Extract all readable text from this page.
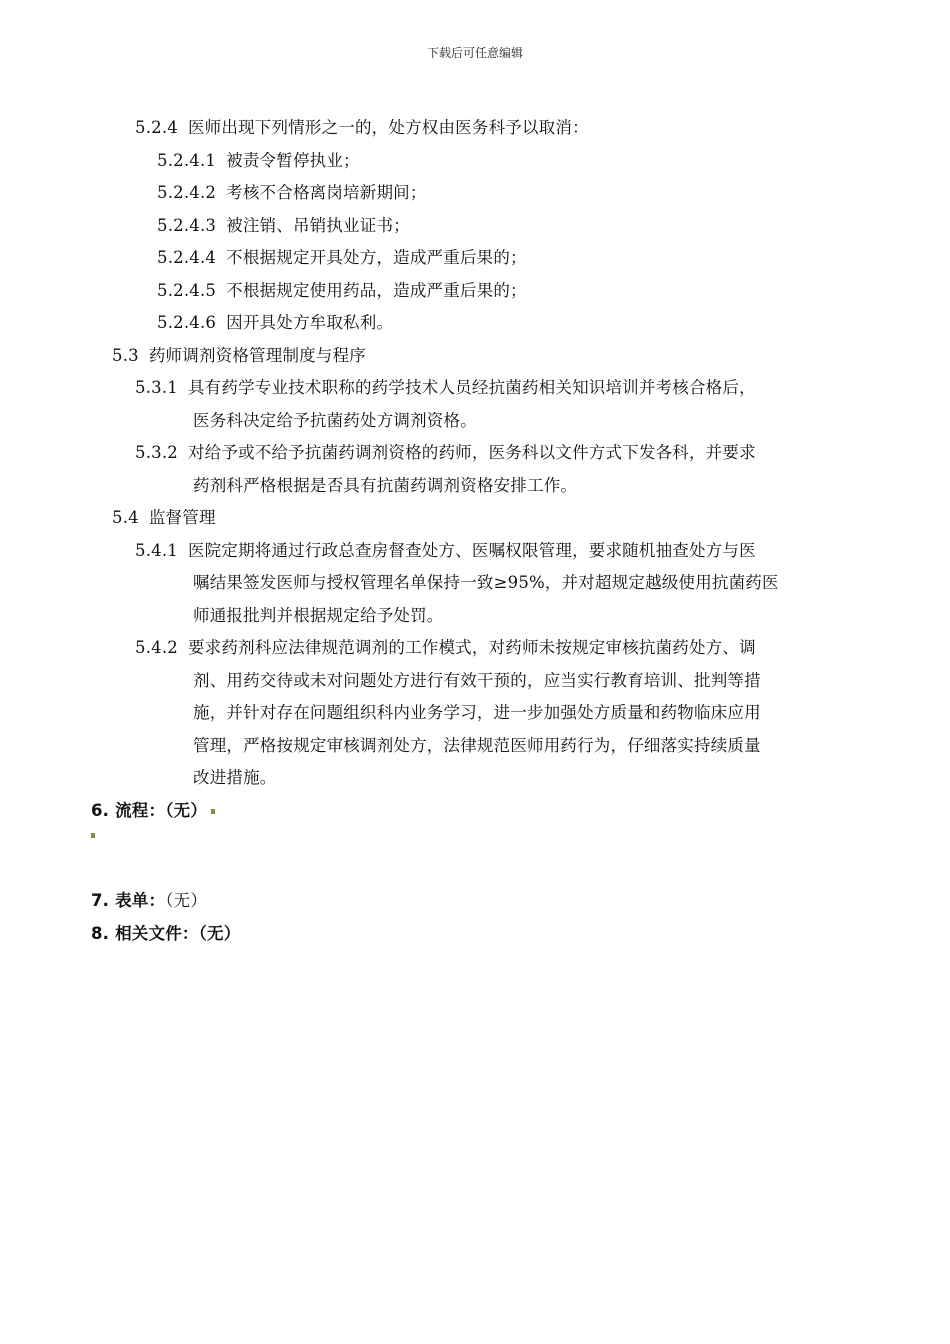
下载后可任意编辑
5.2.4 医师出现下列情形之一的，处方权由医务科予以取消：
5.2.4.1 被责令暂停执业；
5.2.4.2 考核不合格离岗培新期间；
5.2.4.3 被注销、吊销执业证书；
5.2.4.4 不根据规定开具处方，造成严重后果的；
5.2.4.5 不根据规定使用药品，造成严重后果的；
5.2.4.6 因开具处方牟取私利。
5.3 药师调剂资格管理制度与程序
5.3.1 具有药学专业技术职称的药学技术人员经抗菌药相关知识培训并考核合格后，
医务科决定给予抗菌药处方调剂资格。
5.3.2 对给予或不给予抗菌药调剂资格的药师，医务科以文件方式下发各科，并要求
药剂科严格根据是否具有抗菌药调剂资格安排工作。
5.4 监督管理
5.4.1 医院定期将通过行政总查房督查处方、医嘱权限管理，要求随机抽查处方与医
嘱结果签发医师与授权管理名单保持一致≥95%，并对超规定越级使用抗菌药医
师通报批判并根据规定给予处罚。
5.4.2 要求药剂科应法律规范调剂的工作模式，对药师未按规定审核抗菌药处方、调
剂、用药交待或未对问题处方进行有效干预的，应当实行教育培训、批判等措
施，并针对存在问题组织科内业务学习，进一步加强处方质量和药物临床应用
管理，严格按规定审核调剂处方，法律规范医师用药行为，仔细落实持续质量
改进措施。
6. 流程：（无）
7. 表单：（无）
8. 相关文件：（无）
